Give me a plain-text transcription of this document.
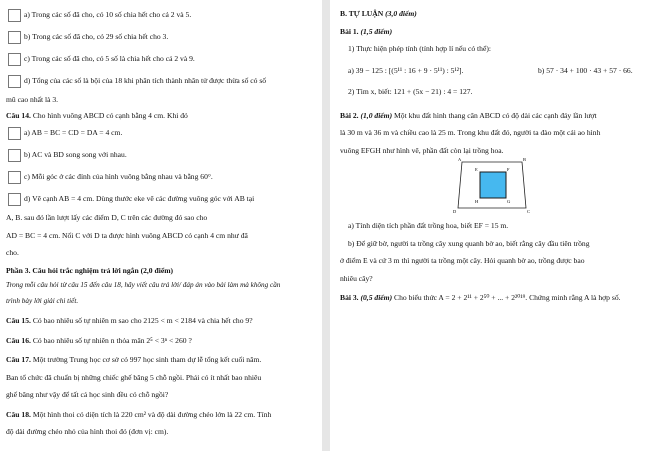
a) Trong các số đã cho, có 10 số chia hết cho cả 2 và 5.
b) Trong các số đã cho, có 29 số chia hết cho 3.
c) Trong các số đã cho, có 5 số là chia hết cho cả 2 và 9.
d) Tổng của các số là bội của 18 khi phân tích thành nhân tử được thừa số có số

mũ cao nhất là 3.

Câu 14. Cho hình vuông ABCD có cạnh bằng 4 cm. Khi đó

a) AB = BC = CD = DA = 4 cm.
b) AC và BD song song với nhau.
c) Mỗi góc ở các đỉnh của hình vuông bằng nhau và bằng 60°.
d) Vẽ cạnh AB = 4 cm. Dùng thước eke vẽ các đường vuông góc với AB tại

A, B. sau đó lần lượt lấy các điểm D, C trên các đường đó sao cho

AD = BC = 4 cm. Nối C với D ta được hình vuông ABCD có cạnh 4 cm như đã

cho.

Phần 3. Câu hỏi trắc nghiệm trả lời ngắn (2,0 điểm)

Trong mỗi câu hỏi từ câu 15 đến câu 18, hãy viết câu trả lời/ đáp án vào bài làm mà không cần

trình bày lời giải chi tiết.

Câu 15. Có bao nhiêu số tự nhiên m sao cho 2125 < m < 2184 và chia hết cho 9?

Câu 16. Có bao nhiêu số tự nhiên n thỏa mãn 2⁵ < 3ⁿ < 260 ?

Câu 17. Một trường Trung học cơ sở có 997 học sinh tham dự lễ tổng kết cuối năm.

Ban tổ chức đã chuẩn bị những chiếc ghế băng 5 chỗ ngồi. Phải có ít nhất bao nhiêu

ghế băng như vậy để tất cả học sinh đều có chỗ ngồi?

Câu 18. Một hình thoi có diện tích là 220 cm² và độ dài đường chéo lớn là 22 cm. Tính

độ dài đường chéo nhỏ của hình thoi đó (đơn vị: cm).

B. TỰ LUẬN (3,0 điểm)

Bài 1. (1,5 điểm)

1) Thực hiện phép tính (tính hợp lí nếu có thể):

a) 39 − 125 : [(5¹¹ : 16 + 9 · 5¹¹) : 5¹²].	b) 57 · 34 + 100 · 43 + 57 · 66.

2) Tìm x, biết: 121 + (5x − 21) : 4 = 127.

Bài 2. (1,0 điểm) Một khu đất hình thang cân ABCD có độ dài các cạnh đáy lần lượt

là 30 m và 36 m và chiều cao là 25 m. Trong khu đất đó, người ta đào một cái ao hình

vuông EFGH như hình vẽ, phần đất còn lại trồng hoa.

A	B
E	F
H	G
D	C

a) Tính diện tích phần đất trồng hoa, biết EF = 15 m.

b) Để giữ bờ, người ta trồng cây xung quanh bờ ao, biết rằng cây đầu tiên trồng

ở điểm E và cứ 3 m thì người ta trồng một cây. Hỏi quanh bờ ao, trồng được bao

nhiêu cây?

Bài 3. (0,5 điểm) Cho biểu thức A = 2 + 2¹¹ + 2⁵⁰ + ... + 2²⁰¹⁹. Chứng minh rằng A là hợp số.
